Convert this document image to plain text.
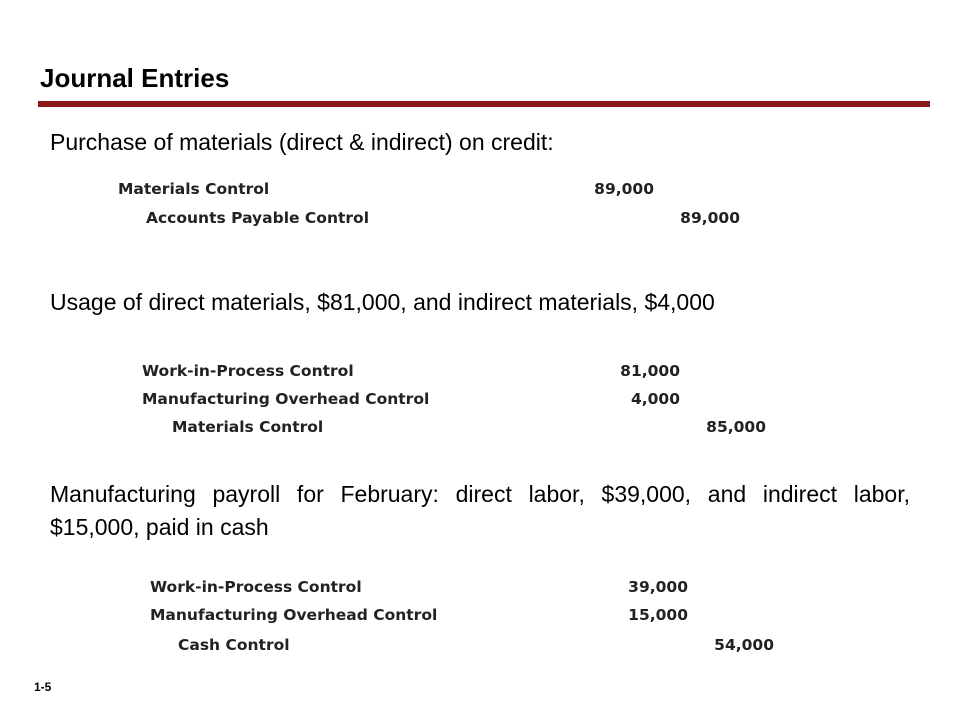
Journal Entries
Purchase of materials (direct & indirect) on credit:
Materials Control	89,000
Accounts Payable Control	89,000
Usage of direct materials, $81,000, and indirect materials, $4,000
Work-in-Process Control	81,000
Manufacturing Overhead Control	4,000
Materials Control	85,000
Manufacturing payroll for February: direct labor, $39,000, and indirect labor, $15,000, paid in cash
Work-in-Process Control	39,000
Manufacturing Overhead Control	15,000
Cash Control	54,000
1-5
